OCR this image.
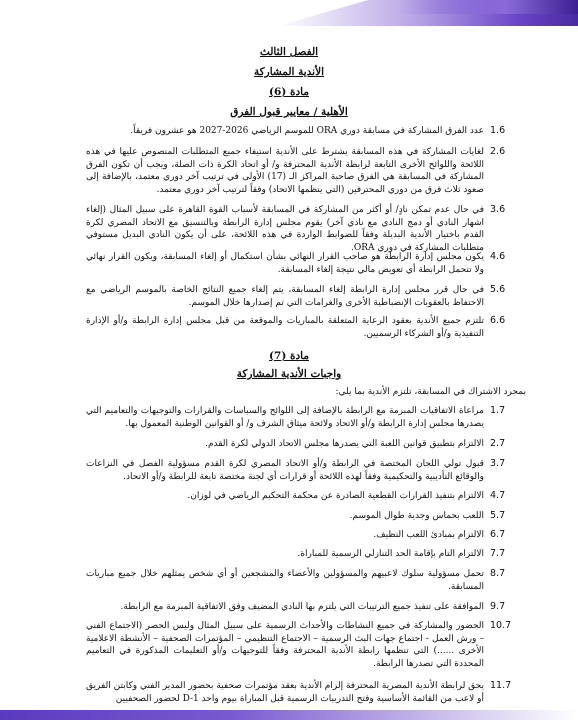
الفصل الثالث
الأندية المشاركة
مادة (6)
الأهلية / معايير قبول الفرق
1.6
عدد الفرق المشاركة في مسابقة دوري ORA للموسم الرياضي 2026-2027 هو عشرون فريقاً.
2.6
لغايات المشاركة في هذه المسابقة يشترط على الأندية استيفاء جميع المتطلبات المنصوص عليها في هذه اللائحة واللوائح الأخرى التابعة لرابطة الأندية المحترفة و/ أو اتحاد الكرة ذات الصلة، ويجب أن تكون الفرق المشاركة في المسابقة هي الفرق صاحبة المراكز الـ (17) الأولى في ترتيب آخر دوري معتمد، بالإضافة إلى صعود ثلاث فرق من دوري المحترفين (التي ينظمها الاتحاد) وفقاً لترتيب آخر دوري معتمد.
3.6
في حال عدم تمكن نادٍ/ أو أكثر من المشاركة في المسابقة لأسباب القوة القاهرة على سبيل المثال (إلغاء اشهار النادي أو دمج النادي مع نادي آخر) يقوم مجلس إدارة الرابطة وبالتنسيق مع الاتحاد المصري لكرة القدم باختيار الأندية البديلة وفقاً للضوابط الواردة في هذه اللائحة، على أن يكون النادي البديل مستوفي متطلبات المشاركة في دوري ORA.
4.6
يكون مجلس إدارة الرابطة هو صاحب القرار النهائي بشأن استكمال أو إلغاء المسابقة، ويكون القرار نهائي ولا تتحمل الرابطة أي تعويض مالي نتيجة إلغاء المسابقة.
5.6
في حال قرر مجلس إدارة الرابطة إلغاء المسابقة، يتم إلغاء جميع النتائج الخاصة بالموسم الرياضي مع الاحتفاظ بالعقوبات الإنضباطية الأخرى والغرامات التي تم إصدارها خلال الموسم.
6.6
تلتزم جميع الأندية بعقود الرعاية المتعلقة بالمباريات والموقعة من قبل مجلس إدارة الرابطة و/أو الإدارة التنفيذية و/أو الشركاء الرسميين.
مادة (7)
واجبات الأندية المشاركة
بمجرد الاشتراك في المسابقة، تلتزم الأندية بما يلي:
1.7
مراعاة الاتفاقيات المبرمة مع الرابطة بالإضافة إلى اللوائح والسياسات والقرارات والتوجيهات والتعاميم التي يصدرها مجلس إدارة الرابطة و/أو الاتحاد ولائحة ميثاق الشرف و/ أو القوانين الوطنية المعمول بها.
2.7
الالتزام بتطبيق قوانين اللعبة التي يصدرها مجلس الاتحاد الدولي لكرة القدم.
3.7
قبول تولي اللجان المختصة في الرابطة و/أو الاتحاد المصري لكرة القدم مسؤولية الفصل في النزاعات والوقائع التأديبية والتحكيمية وفقاً لهذه اللائحة أو قرارات أي لجنة مختصة تابعة للرابطة و/أو الاتحاد.
4.7
الالتزام بتنفيذ القرارات القطعية الصادرة عن محكمة التحكيم الرياضي في لوزان.
5.7
اللعب بحماس وجدية طوال الموسم.
6.7
الالتزام بمبادئ اللعب النظيف.
7.7
الالتزام التام بإقامة الحد التنازلي الرسمية للمباراة.
8.7
تحمل مسؤولية سلوك لاعبيهم والمسؤولين والأعضاء والمشجعين أو أي شخص يمثلهم خلال جميع مباريات المسابقة.
9.7
الموافقة على تنفيذ جميع الترتيبات التي يلتزم بها النادي المضيف وفق الاتفاقية المبرمة مع الرابطة.
10.7
الحضور والمشاركة في جميع النشاطات والأحداث الرسمية على سبيل المثال وليس الحصر (الاجتماع الفني – ورش العمل - اجتماع جهات البث الرسمية – الاجتماع التنظيمي – المؤتمرات الصحفية – الأنشطة الاعلامية الأخرى ......) التي تنظمها رابطة الأندية المحترفة وفقاً للتوجيهات و/أو التعليمات المذكورة في التعاميم المحددة التي تصدرها الرابطة.
11.7
يحق لرابطة الأندية المصرية المحترفة إلزام الأندية بعقد مؤتمرات صحفية بحضور المدير الفني وكابتن الفريق أو لاعب من القائمة الأساسية وفتح التدريبات الرسمية قبل المباراة بيوم واحد D-1 لحضور الصحفيين
